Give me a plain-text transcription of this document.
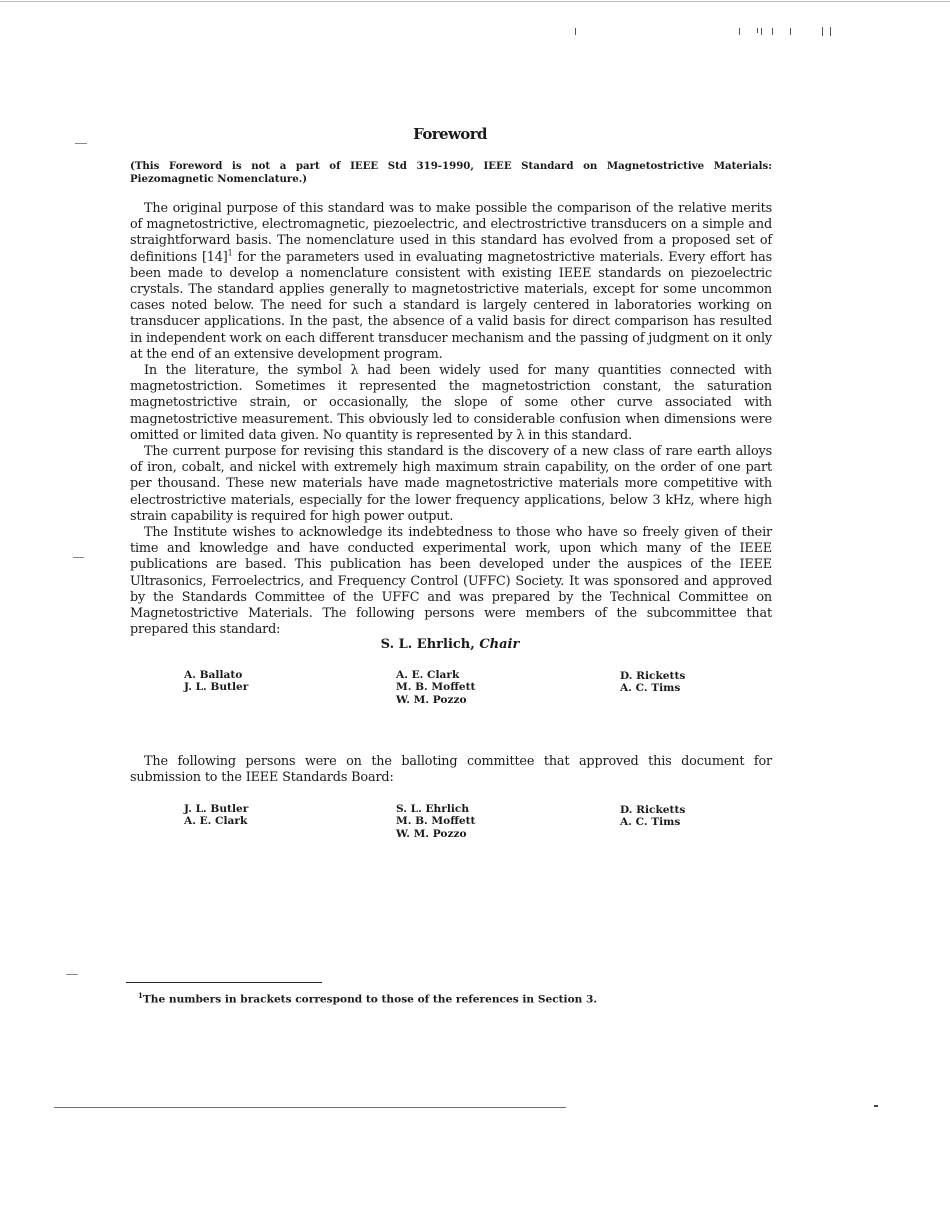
Foreword
(This Foreword is not a part of IEEE Std 319-1990, IEEE Standard on Magnetostrictive Materials: Piezomagnetic Nomenclature.)

The original purpose of this standard was to make possible the comparison of the relative merits of magnetostrictive, electromagnetic, piezoelectric, and electrostrictive transducers on a simple and straightforward basis. The nomenclature used in this standard has evolved from a proposed set of definitions $[14]^1$ for the parameters used in evaluating magnetostrictive materials. Every effort has been made to develop a nomenclature consistent with existing IEEE standards on piezoelectric crystals. The standard applies generally to magnetostrictive materials, except for some uncommon cases noted below. The need for such a standard is largely centered in laboratories working on transducer applications. In the past, the absence of a valid basis for direct comparison has resulted in independent work on each different transducer mechanism and the passing of judgment on it only at the end of an extensive development program.

In the literature, the symbol λ had been widely used for many quantities connected with magnetostriction. Sometimes it represented the magnetostriction constant, the saturation magnetostrictive strain, or occasionally, the slope of some other curve associated with magnetostrictive measurement. This obviously led to considerable confusion when dimensions were omitted or limited data given. No quantity is represented by λ in this standard.

The current purpose for revising this standard is the discovery of a new class of rare earth alloys of iron, cobalt, and nickel with extremely high maximum strain capability, on the order of one part per thousand. These new materials have made magnetostrictive materials more competitive with electrostrictive materials, especially for the lower frequency applications, below 3 kHz, where high strain capability is required for high power output.

The Institute wishes to acknowledge its indebtedness to those who have so freely given of their time and knowledge and have conducted experimental work, upon which many of the IEEE publications are based. This publication has been developed under the auspices of the IEEE Ultrasonics, Ferroelectrics, and Frequency Control (UFFC) Society. It was sponsored and approved by the Standards Committee of the UFFC and was prepared by the Technical Committee on Magnetostrictive Materials. The following persons were members of the subcommittee that prepared this standard:

S. L. Ehrlich, Chair
A. Ballato
J. L. Butler
A. E. Clark
M. B. Moffett
W. M. Pozzo
D. Ricketts
A. C. Tims
The following persons were on the balloting committee that approved this document for submission to the IEEE Standards Board:
J. L. Butler
A. E. Clark
S. L. Ehrlich
M. B. Moffett
W. M. Pozzo
D. Ricketts
A. C. Tims
$^1$The numbers in brackets correspond to those of the references in Section 3.
